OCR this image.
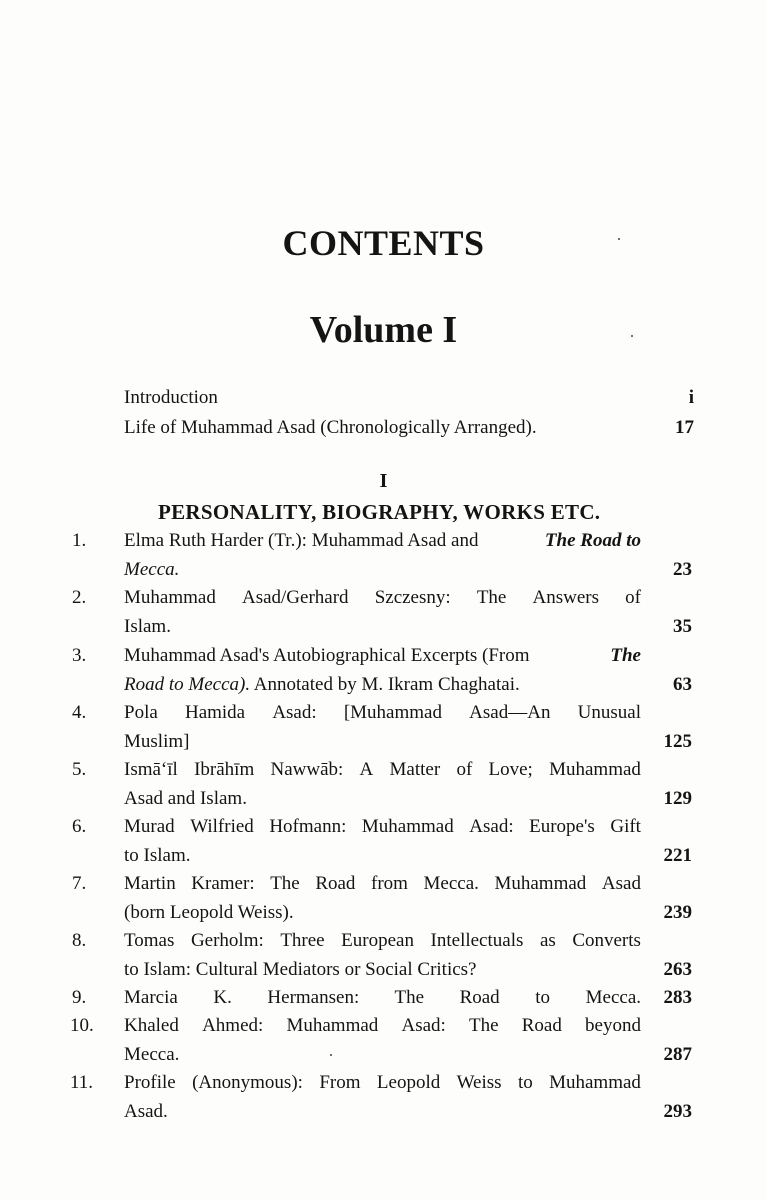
CONTENTS
Volume I
Introduction	i
Life of Muhammad Asad (Chronologically Arranged).	17
I
PERSONALITY, BIOGRAPHY, WORKS ETC.
1.	Elma Ruth Harder (Tr.): Muhammad Asad and
	The Road to
Mecca.	23
2.	Muhammad Asad/Gerhard Szczesny: The Answers of
Islam.	35
3.	Muhammad Asad's Autobiographical Excerpts (From
	The
Road to Mecca). Annotated by M. Ikram Chaghatai.	63
4.	Pola Hamida Asad: [Muhammad Asad—An Unusual
Muslim]	125
5.	Ismā‘īl Ibrāhīm Nawwāb: A Matter of Love; Muhammad
Asad and Islam.	129
6.	Murad Wilfried Hofmann: Muhammad Asad: Europe's Gift
to Islam.	221
7.	Martin Kramer: The Road from Mecca. Muhammad Asad
(born Leopold Weiss).	239
8.	Tomas Gerholm: Three European Intellectuals as Converts
to Islam: Cultural Mediators or Social Critics?	263
9.	Marcia K. Hermansen: The Road to Mecca.	283
10.	Khaled Ahmed: Muhammad Asad: The Road beyond
Mecca.	287
11.	Profile (Anonymous): From Leopold Weiss to Muhammad
Asad.	293
